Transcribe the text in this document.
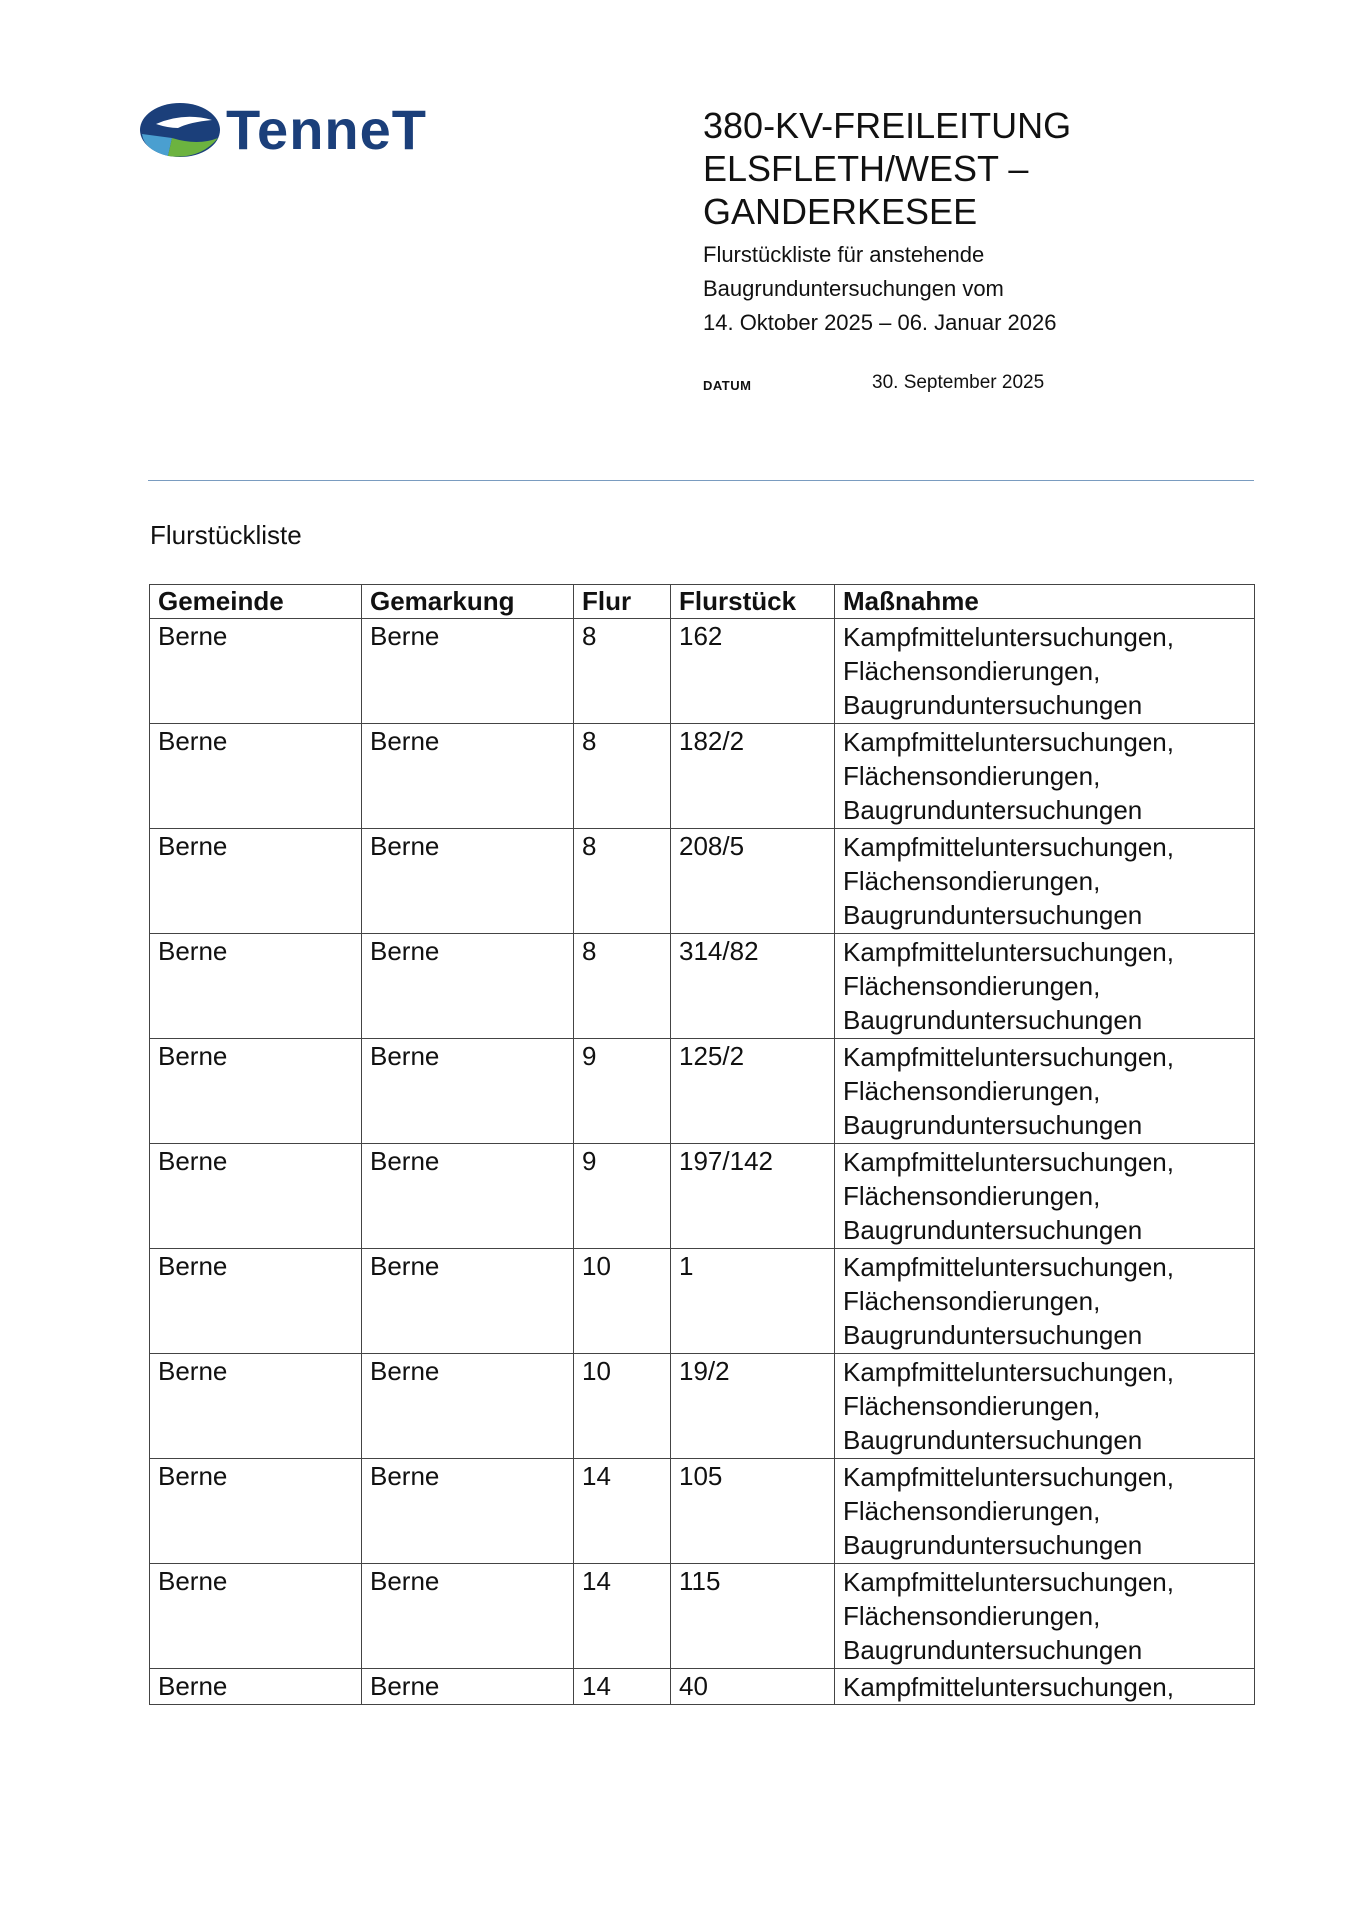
TenneT	380-KV-FREILEITUNG
ELSFLETH/WEST –
GANDERKESEE
Flurstückliste für anstehende
Baugrunduntersuchungen vom
14. Oktober 2025 – 06. Januar 2026
DATUM	30. September 2025
Flurstückliste
Gemeinde	Gemarkung	Flur	Flurstück	Maßnahme
Berne	Berne	8	162	Kampfmitteluntersuchungen,
Flächensondierungen,
Baugrunduntersuchungen

Berne	Berne	8	182/2	Kampfmitteluntersuchungen,
Flächensondierungen,
Baugrunduntersuchungen

Berne	Berne	8	208/5	Kampfmitteluntersuchungen,
Flächensondierungen,
Baugrunduntersuchungen

Berne	Berne	8	314/82	Kampfmitteluntersuchungen,
Flächensondierungen,
Baugrunduntersuchungen

Berne	Berne	9	125/2	Kampfmitteluntersuchungen,
Flächensondierungen,
Baugrunduntersuchungen

Berne	Berne	9	197/142	Kampfmitteluntersuchungen,
Flächensondierungen,
Baugrunduntersuchungen

Berne	Berne	10	1	Kampfmitteluntersuchungen,
Flächensondierungen,
Baugrunduntersuchungen

Berne	Berne	10	19/2	Kampfmitteluntersuchungen,
Flächensondierungen,
Baugrunduntersuchungen

Berne	Berne	14	105	Kampfmitteluntersuchungen,
Flächensondierungen,
Baugrunduntersuchungen

Berne	Berne	14	115	Kampfmitteluntersuchungen,
Flächensondierungen,
Baugrunduntersuchungen

Berne	Berne	14	40	Kampfmitteluntersuchungen,
